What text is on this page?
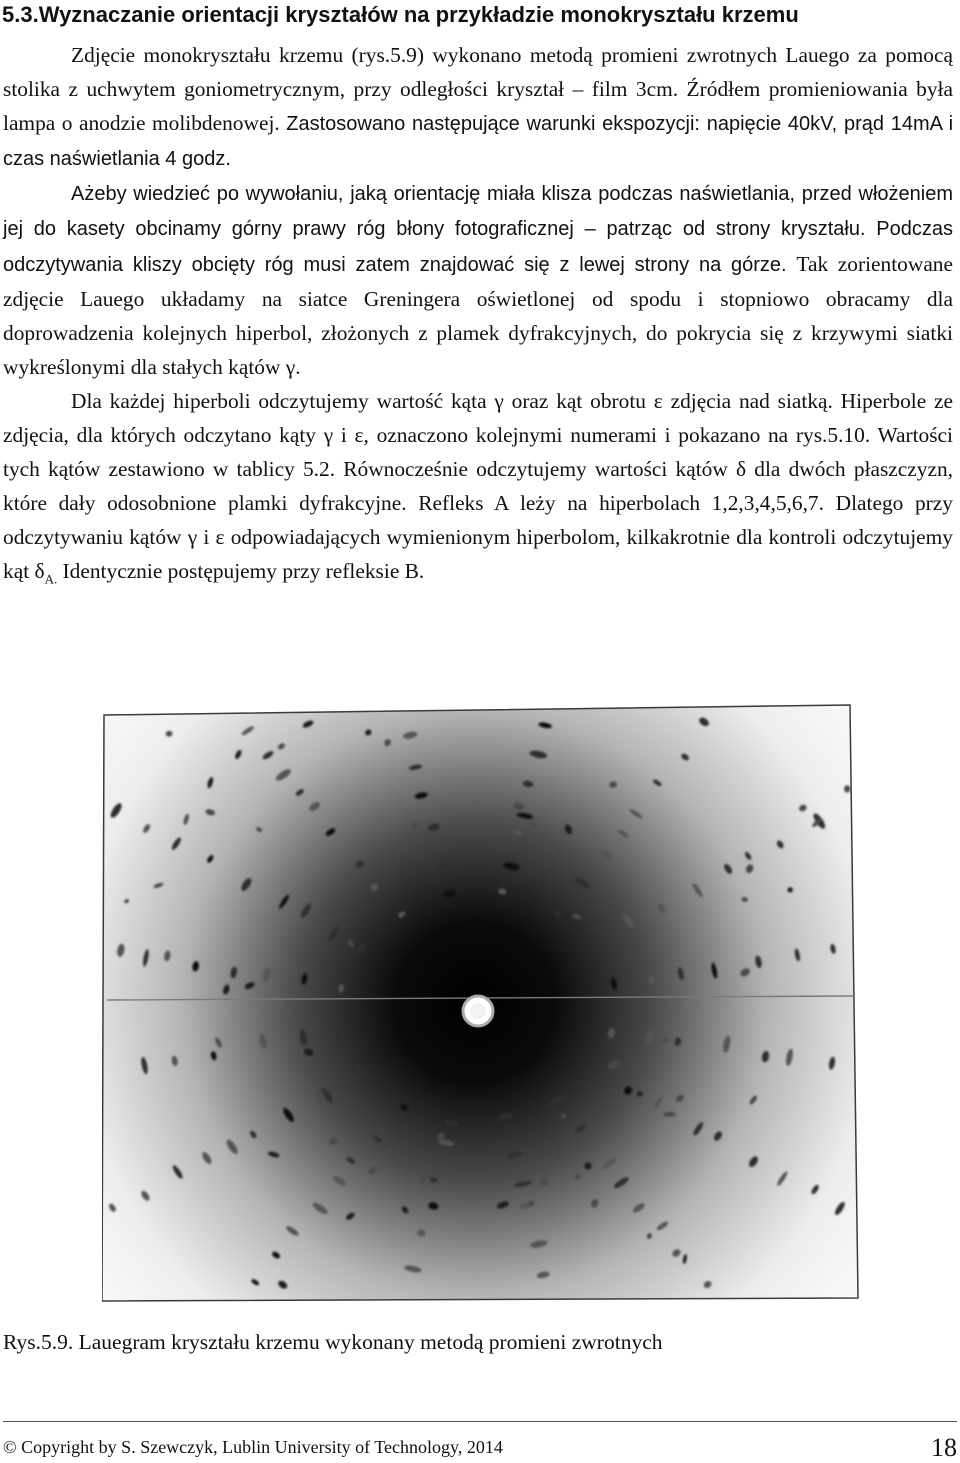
5.3.Wyznaczanie orientacji kryształów na przykładzie monokryształu krzemu

Zdjęcie monokryształu krzemu (rys.5.9) wykonano metodą promieni zwrotnych Lauego za pomocą stolika z uchwytem goniometrycznym, przy odległości kryształ – film 3cm. Źródłem promieniowania była lampa o anodzie molibdenowej. Zastosowano następujące warunki ekspozycji: napięcie 40kV, prąd 14mA i czas naświetlania 4 godz.

Ażeby wiedzieć po wywołaniu, jaką orientację miała klisza podczas naświetlania, przed włożeniem jej do kasety obcinamy górny prawy róg błony fotograficznej – patrząc od strony kryształu. Podczas odczytywania kliszy obcięty róg musi zatem znajdować się z lewej strony na górze. Tak zorientowane zdjęcie Lauego układamy na siatce Greningera oświetlonej od spodu i stopniowo obracamy dla doprowadzenia kolejnych hiperbol, złożonych z plamek dyfrakcyjnych, do pokrycia się z krzywymi siatki wykreślonymi dla stałych kątów γ.

Dla każdej hiperboli odczytujemy wartość kąta γ oraz kąt obrotu ε zdjęcia nad siatką. Hiperbole ze zdjęcia, dla których odczytano kąty γ i ε, oznaczono kolejnymi numerami i pokazano na rys.5.10. Wartości tych kątów zestawiono w tablicy 5.2. Równocześnie odczytujemy wartości kątów δ dla dwóch płaszczyzn, które dały odosobnione plamki dyfrakcyjne. Refleks A leży na hiperbolach 1,2,3,4,5,6,7. Dlatego przy odczytywaniu kątów γ i ε odpowiadających wymienionym hiperbolom, kilkakrotnie dla kontroli odczytujemy kąt $\delta_{A.}$ Identycznie postępujemy przy refleksie B.

Rys.5.9. Lauegram kryształu krzemu wykonany metodą promieni zwrotnych
© Copyright by S. Szewczyk, Lublin University of Technology, 2014	18
